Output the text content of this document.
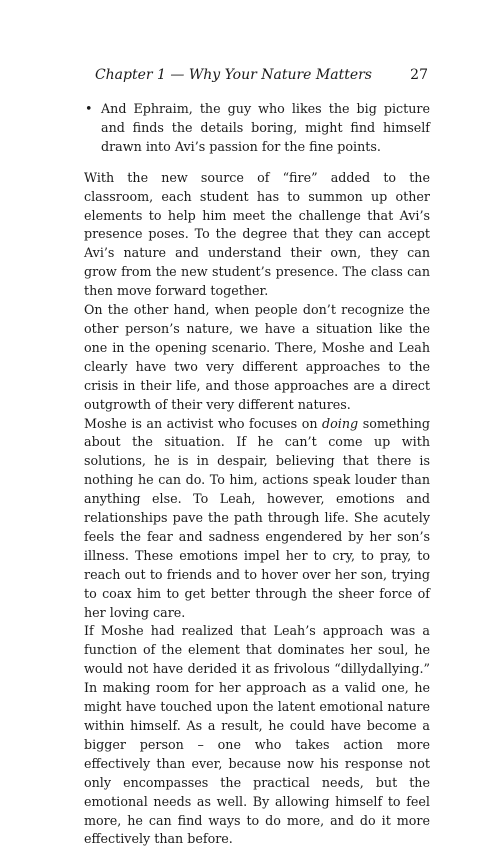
Chapter 1 — Why Your Nature Matters	27
• And Ephraim, the guy who likes the big picture and finds the details boring, might find himself drawn into Avi’s passion for the fine points.

With the new source of “fire” added to the classroom, each student has to summon up other elements to help him meet the challenge that Avi’s presence poses. To the degree that they can accept Avi’s nature and understand their own, they can grow from the new student’s presence. The class can then move forward together.

On the other hand, when people don’t recognize the other person’s nature, we have a situation like the one in the opening scenario. There, Moshe and Leah clearly have two very different approaches to the crisis in their life, and those approaches are a direct outgrowth of their very different natures.

Moshe is an activist who focuses on doing something about the situation. If he can’t come up with solutions, he is in despair, believing that there is nothing he can do. To him, actions speak louder than anything else. To Leah, however, emotions and relationships pave the path through life. She acutely feels the fear and sadness engendered by her son’s illness. These emotions impel her to cry, to pray, to reach out to friends and to hover over her son, trying to coax him to get better through the sheer force of her loving care.

If Moshe had realized that Leah’s approach was a function of the element that dominates her soul, he would not have derided it as frivolous “dillydallying.” In making room for her approach as a valid one, he might have touched upon the latent emotional nature within himself. As a result, he could have become a bigger person – one who takes action more effectively than ever, because now his response not only encompasses the practical needs, but the emotional needs as well. By allowing himself to feel more, he can find ways to do more, and do it more effectively than before.
